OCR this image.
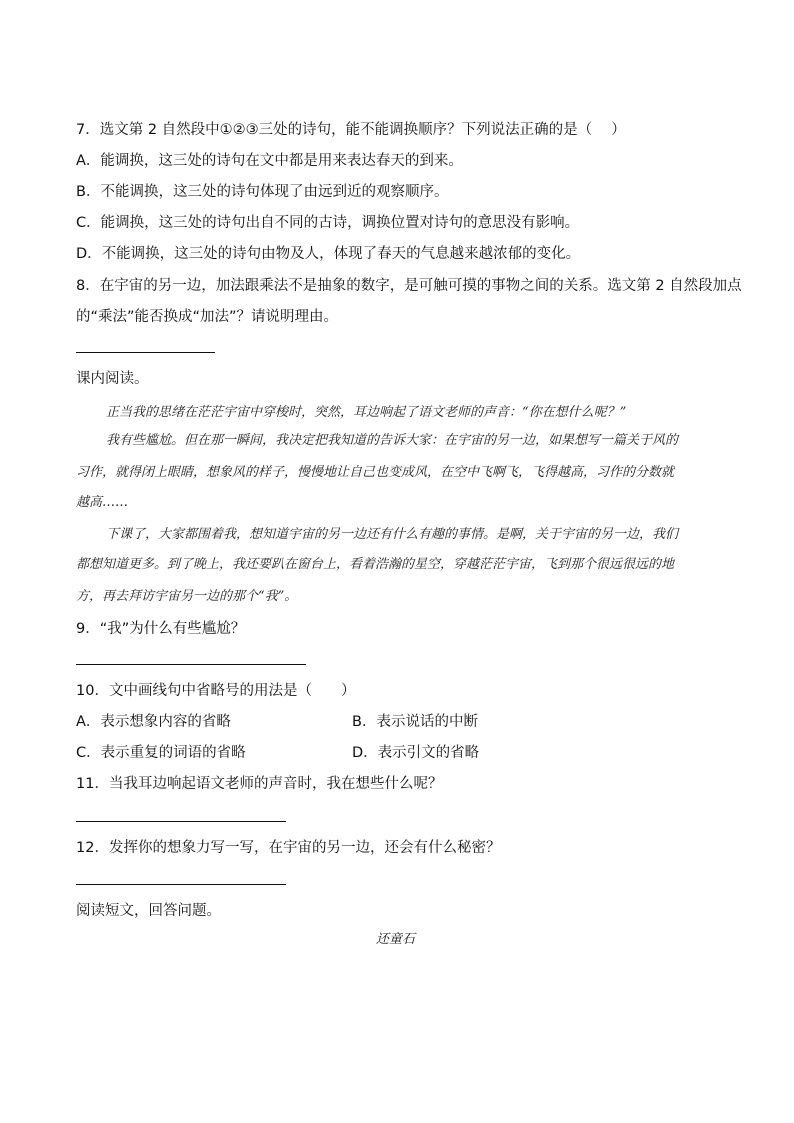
7．选文第 2 自然段中①②③三处的诗句，能不能调换顺序？下列说法正确的是（　 ）
A．能调换，这三处的诗句在文中都是用来表达春天的到来。
B．不能调换，这三处的诗句体现了由远到近的观察顺序。
C．能调换，这三处的诗句出自不同的古诗，调换位置对诗句的意思没有影响。
D．不能调换，这三处的诗句由物及人，体现了春天的气息越来越浓郁的变化。
8．在宇宙的另一边，加法跟乘法不是抽象的数字，是可触可摸的事物之间的关系。选文第 2 自然段加点
的“乘法”能否换成“加法”？请说明理由。
课内阅读。
正当我的思绪在茫茫宇宙中穿梭时，突然，耳边响起了语文老师的声音：“你在想什么呢？”
我有些尴尬。但在那一瞬间，我决定把我知道的告诉大家：在宇宙的另一边，如果想写一篇关于风的
习作，就得闭上眼睛，想象风的样子，慢慢地让自己也变成风，在空中飞啊飞，飞得越高，习作的分数就
越高……
下课了，大家都围着我，想知道宇宙的另一边还有什么有趣的事情。是啊，关于宇宙的另一边，我们
都想知道更多。到了晚上，我还要趴在窗台上，看着浩瀚的星空，穿越茫茫宇宙，飞到那个很远很远的地
方，再去拜访宇宙另一边的那个“我”。
9．“我”为什么有些尴尬？
10．文中画线句中省略号的用法是（　　）
A．表示想象内容的省略	B．表示说话的中断
C．表示重复的词语的省略	D．表示引文的省略
11．当我耳边响起语文老师的声音时，我在想些什么呢？
12．发挥你的想象力写一写，在宇宙的另一边，还会有什么秘密？
阅读短文，回答问题。
还童石
